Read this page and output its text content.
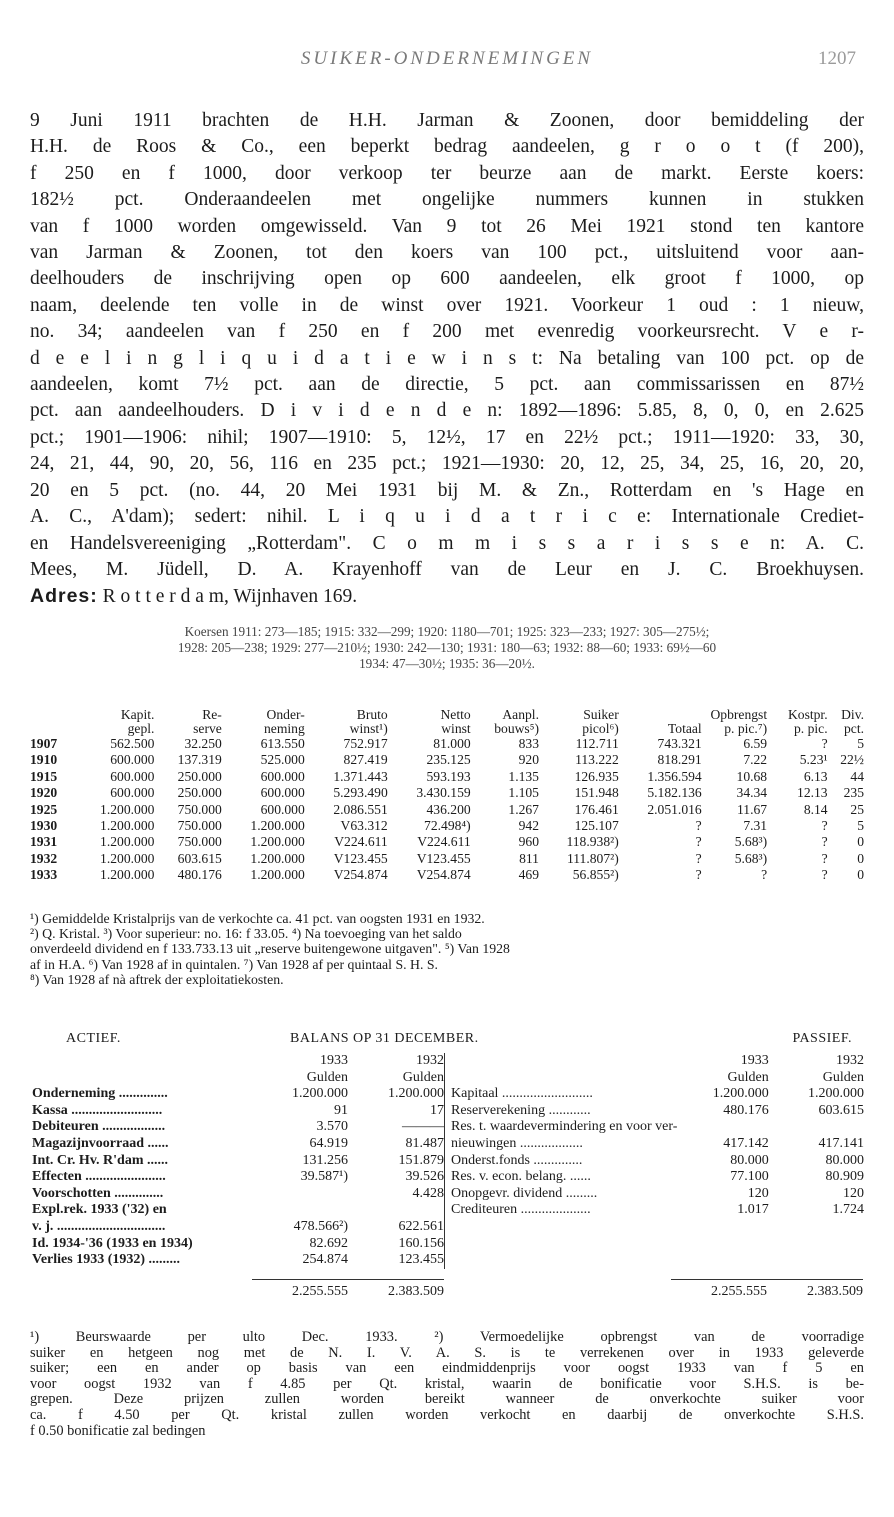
SUIKER-ONDERNEMINGEN	1207
9 Juni 1911 brachten de H.H. Jarman & Zoonen, door bemiddeling der
H.H. de Roos & Co., een beperkt bedrag aandeelen, g r o o t (f 200),
f 250 en f 1000, door verkoop ter beurze aan de markt. Eerste koers:
182½ pct. Onderaandeelen met ongelijke nummers kunnen in stukken
van f 1000 worden omgewisseld. Van 9 tot 26 Mei 1921 stond ten kantore
van Jarman & Zoonen, tot den koers van 100 pct., uitsluitend voor aan-
deelhouders de inschrijving open op 600 aandeelen, elk groot f 1000, op
naam, deelende ten volle in de winst over 1921. Voorkeur 1 oud : 1 nieuw,
no. 34; aandeelen van f 250 en f 200 met evenredig voorkeursrecht. V e r-
d e e l i n g l i q u i d a t i e w i n s t: Na betaling van 100 pct. op de
aandeelen, komt 7½ pct. aan de directie, 5 pct. aan commissarissen en 87½
pct. aan aandeelhouders. D i v i d e n d e n: 1892—1896: 5.85, 8, 0, 0, en 2.625
pct.; 1901—1906: nihil; 1907—1910: 5, 12½, 17 en 22½ pct.; 1911—1920: 33, 30,
24, 21, 44, 90, 20, 56, 116 en 235 pct.; 1921—1930: 20, 12, 25, 34, 25, 16, 20, 20,
20 en 5 pct. (no. 44, 20 Mei 1931 bij M. & Zn., Rotterdam en 's Hage en
A. C., A'dam); sedert: nihil. L i q u i d a t r i c e: Internationale Crediet-
en Handelsvereeniging „Rotterdam". C o m m i s s a r i s s e n: A. C.
Mees, M. Jüdell, D. A. Krayenhoff van de Leur en J. C. Broekhuysen.
Adres: R o t t e r d a m, Wijnhaven 169.
Koersen 1911: 273—185; 1915: 332—299; 1920: 1180—701; 1925: 323—233; 1927: 305—275½;
1928: 205—238; 1929: 277—210½; 1930: 242—130; 1931: 180—63; 1932: 88—60; 1933: 69½—60
1934: 47—30½; 1935: 36—20½.
	Kapit.	Re-	Onder-	Bruto	Netto	Aanpl.	Suiker	Opbrengst		Kostpr.	Div.
	gepl.	serve	neming	winst¹)	winst	bouws⁵)	picol⁶)	Totaal	p. pic.⁷)	p. pic.	pct.
1907	562.500	32.250	613.550	752.917	81.000	833	112.711	743.321	6.59	?	5
1910	600.000	137.319	525.000	827.419	235.125	920	113.222	818.291	7.22	5.23¹	22½
1915	600.000	250.000	600.000	1.371.443	593.193	1.135	126.935	1.356.594	10.68	6.13	44
1920	600.000	250.000	600.000	5.293.490	3.430.159	1.105	151.948	5.182.136	34.34	12.13	235
1925	1.200.000	750.000	600.000	2.086.551	436.200	1.267	176.461	2.051.016	11.67	8.14	25
1930	1.200.000	750.000	1.200.000	V63.312	72.498⁴)	942	125.107	?	7.31	?	5
1931	1.200.000	750.000	1.200.000	V224.611	V224.611	960	118.938²)	?	5.68³)	?	0
1932	1.200.000	603.615	1.200.000	V123.455	V123.455	811	111.807²)	?	5.68³)	?	0
1933	1.200.000	480.176	1.200.000	V254.874	V254.874	469	56.855²)	?	?	?	0
¹) Gemiddelde Kristalprijs van de verkochte ca. 41 pct. van oogsten 1931 en 1932.
²) Q. Kristal. ³) Voor superieur: no. 16: f 33.05. ⁴) Na toevoeging van het saldo
onverdeeld dividend en f 133.733.13 uit „reserve buitengewone uitgaven". ⁵) Van 1928
af in H.A. ⁶) Van 1928 af in quintalen. ⁷) Van 1928 af per quintaal S. H. S.
⁸) Van 1928 af nà aftrek der exploitatiekosten.
ACTIEF.	BALANS OP 31 DECEMBER.	PASSIEF.
	1933	1932
	Gulden	Gulden
Onderneming ..............	1.200.000	1.200.000
Kassa ..........................	91	17
Debiteuren ..................	3.570	———
Magazijnvoorraad ......	64.919	81.487
Int. Cr. Hv. R'dam ......	131.256	151.879
Effecten .......................	39.587¹)	39.526
Voorschotten ..............		4.428
Expl.rek. 1933 ('32) en		
v. j. ...............................	478.566²)	622.561
Id. 1934-'36 (1933 en 1934)	82.692	160.156
Verlies 1933 (1932) .........	254.874	123.455
	1933	1932
	Gulden	Gulden
Kapitaal ..........................	1.200.000	1.200.000
Reserverekening ............	480.176	603.615
Res. t. waardevermindering en voor ver-		

nieuwingen ..................	417.142	417.141
Onderst.fonds ..............	80.000	80.000
Res. v. econ. belang. ......	77.100	80.909
Onopgevr. dividend .........	120	120
Crediteuren ....................	1.017	1.724
2.255.555	2.383.509	2.255.555	2.383.509
¹) Beurswaarde per ulto Dec. 1933. ²) Vermoedelijke opbrengst van de voorradige
suiker en hetgeen nog met de N. I. V. A. S. is te verrekenen over in 1933 geleverde
suiker; een en ander op basis van een eindmiddenprijs voor oogst 1933 van f 5 en
voor oogst 1932 van f 4.85 per Qt. kristal, waarin de bonificatie voor S.H.S. is be-
grepen. Deze prijzen zullen worden bereikt wanneer de onverkochte suiker voor
ca. f 4.50 per Qt. kristal zullen worden verkocht en daarbij de onverkochte S.H.S.
f 0.50 bonificatie zal bedingen
